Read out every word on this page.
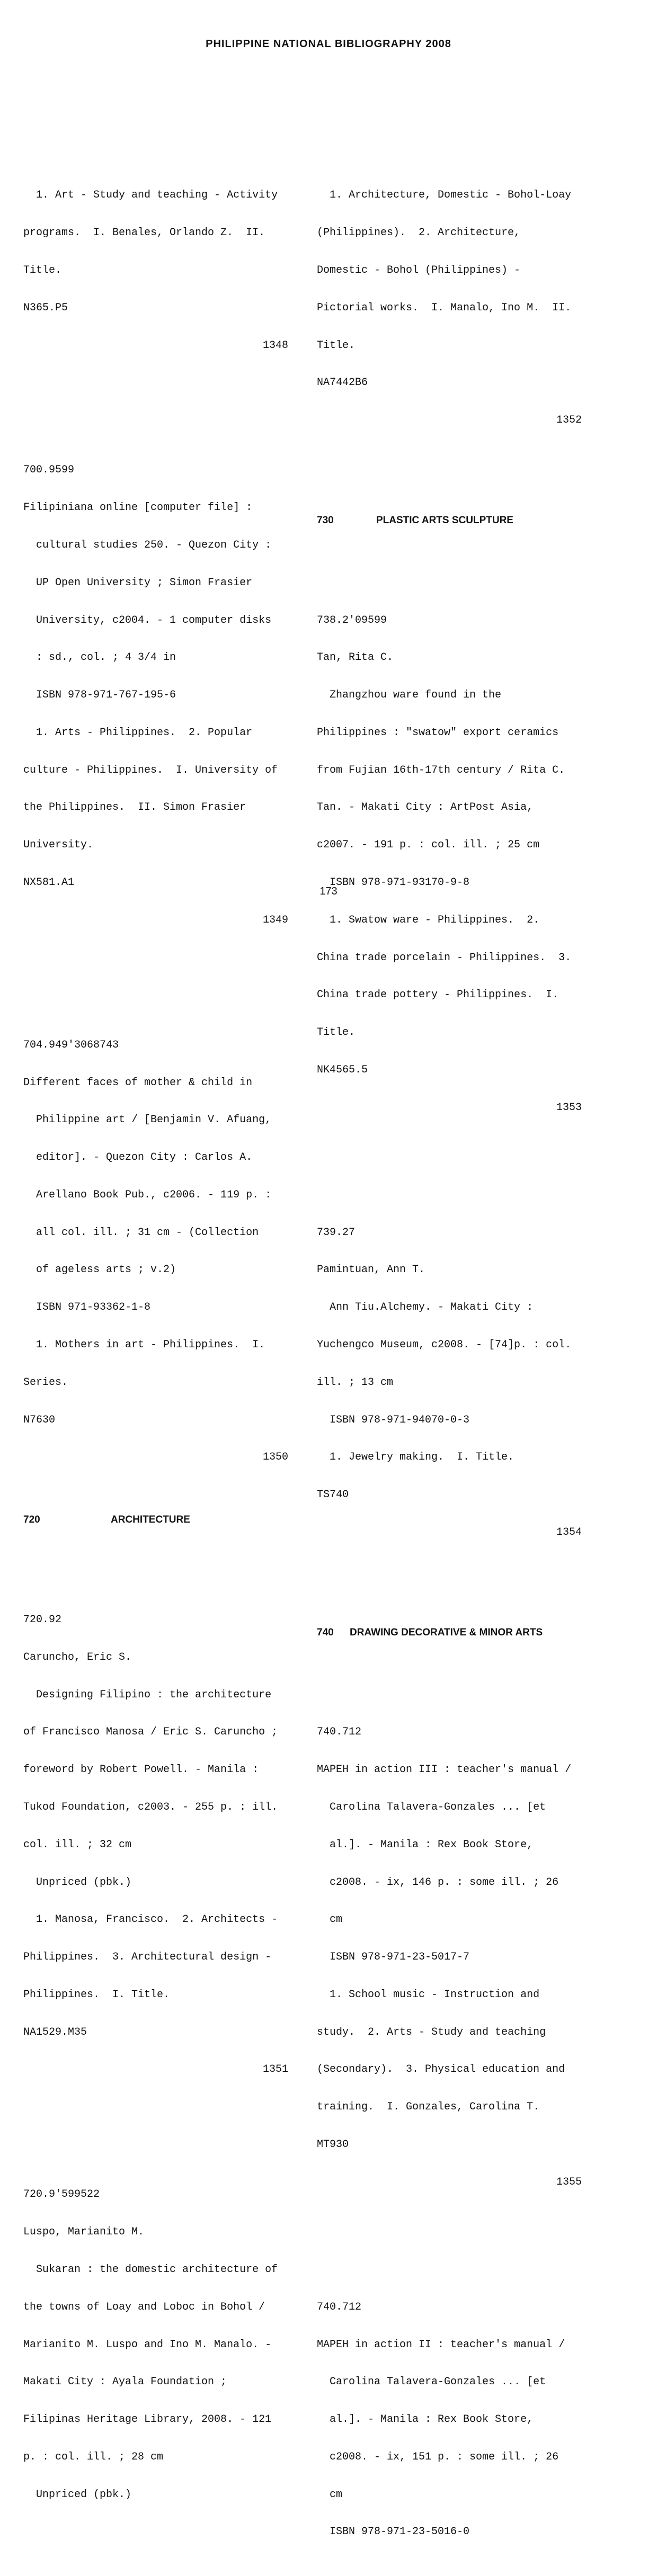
PHILIPPINE NATIONAL BIBLIOGRAPHY 2008

1. Art - Study and teaching - Activity

programs.  I. Benales, Orlando Z.  II.

Title.

N365.P5

1348

700.9599

Filipiniana online [computer file] :

cultural studies 250. - Quezon City :

UP Open University ; Simon Frasier

University, c2004. - 1 computer disks

: sd., col. ; 4 3/4 in

ISBN 978-971-767-195-6

1. Arts - Philippines.  2. Popular

culture - Philippines.  I. University of

the Philippines.  II. Simon Frasier

University.

NX581.A1

1349

704.949'3068743

Different faces of mother & child in

Philippine art / [Benjamin V. Afuang,

editor]. - Quezon City : Carlos A.

Arellano Book Pub., c2006. - 119 p. :

all col. ill. ; 31 cm - (Collection

of ageless arts ; v.2)

ISBN 971-93362-1-8

1. Mothers in art - Philippines.  I.

Series.

N7630

1350

720	ARCHITECTURE

720.92

Caruncho, Eric S.

Designing Filipino : the architecture

of Francisco Manosa / Eric S. Caruncho ;

foreword by Robert Powell. - Manila :

Tukod Foundation, c2003. - 255 p. : ill.

col. ill. ; 32 cm

Unpriced (pbk.)

1. Manosa, Francisco.  2. Architects -

Philippines.  3. Architectural design -

Philippines.  I. Title.

NA1529.M35

1351

720.9'599522

Luspo, Marianito M.

Sukaran : the domestic architecture of

the towns of Loay and Loboc in Bohol /

Marianito M. Luspo and Ino M. Manalo. -

Makati City : Ayala Foundation ;

Filipinas Heritage Library, 2008. - 121

p. : col. ill. ; 28 cm

Unpriced (pbk.)

1. Architecture, Domestic - Bohol-Loay

(Philippines).  2. Architecture,

Domestic - Bohol (Philippines) -

Pictorial works.  I. Manalo, Ino M.  II.

Title.

NA7442B6

1352

730	PLASTIC ARTS SCULPTURE

738.2'09599

Tan, Rita C.

Zhangzhou ware found in the

Philippines : "swatow" export ceramics

from Fujian 16th-17th century / Rita C.

Tan. - Makati City : ArtPost Asia,

c2007. - 191 p. : col. ill. ; 25 cm

ISBN 978-971-93170-9-8

1. Swatow ware - Philippines.  2.

China trade porcelain - Philippines.  3.

China trade pottery - Philippines.  I.

Title.

NK4565.5

1353

739.27

Pamintuan, Ann T.

Ann Tiu.Alchemy. - Makati City :

Yuchengco Museum, c2008. - [74]p. : col.

ill. ; 13 cm

ISBN 978-971-94070-0-3

1. Jewelry making.  I. Title.

TS740

1354

740 DRAWING DECORATIVE & MINOR ARTS

740.712

MAPEH in action III : teacher's manual /

Carolina Talavera-Gonzales ... [et

al.]. - Manila : Rex Book Store,

c2008. - ix, 146 p. : some ill. ; 26

cm

ISBN 978-971-23-5017-7

1. School music - Instruction and

study.  2. Arts - Study and teaching

(Secondary).  3. Physical education and

training.  I. Gonzales, Carolina T.

MT930

1355

740.712

MAPEH in action II : teacher's manual /

Carolina Talavera-Gonzales ... [et

al.]. - Manila : Rex Book Store,

c2008. - ix, 151 p. : some ill. ; 26

cm

ISBN 978-971-23-5016-0

173
